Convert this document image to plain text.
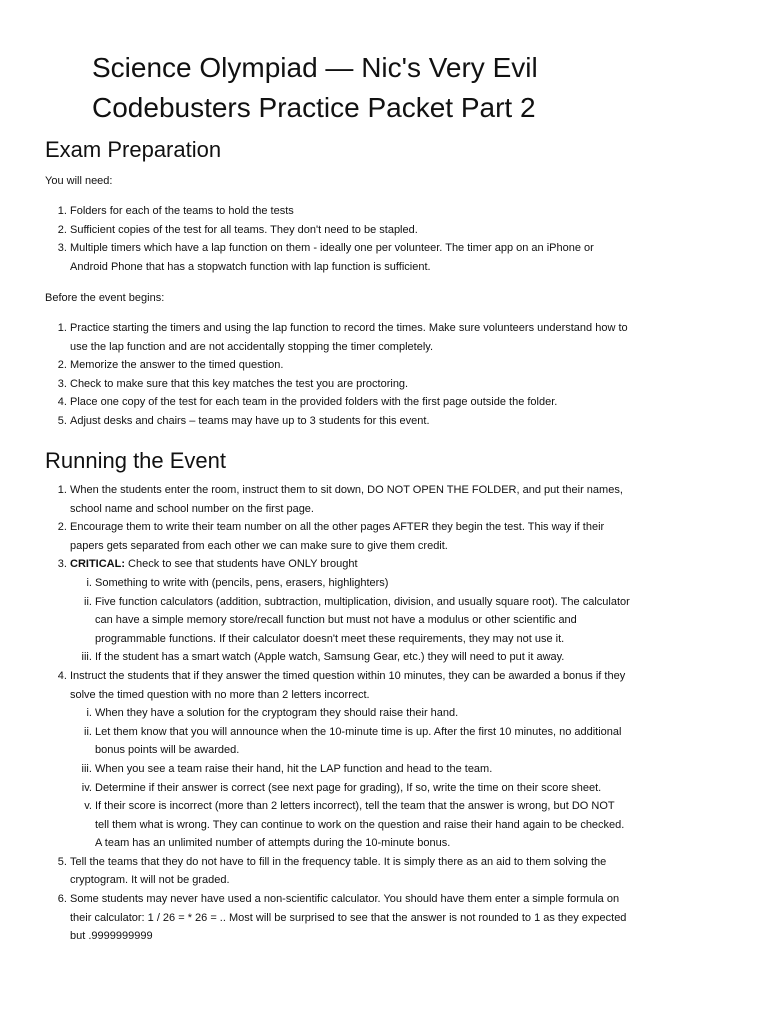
Science Olympiad — Nic's Very Evil
Codebusters Practice Packet Part 2
Exam Preparation

You will need:

1. Folders for each of the teams to hold the tests
2. Sufficient copies of the test for all teams. They don't need to be stapled.
3. Multiple timers which have a lap function on them - ideally one per volunteer. The timer app on an iPhone or Android Phone that has a stopwatch function with lap function is sufficient.

Before the event begins:

1. Practice starting the timers and using the lap function to record the times. Make sure volunteers understand how to use the lap function and are not accidentally stopping the timer completely.
2. Memorize the answer to the timed question.
3. Check to make sure that this key matches the test you are proctoring.
4. Place one copy of the test for each team in the provided folders with the first page outside the folder.
5. Adjust desks and chairs – teams may have up to 3 students for this event.
Running the Event
1. When the students enter the room, instruct them to sit down, DO NOT OPEN THE FOLDER, and put their names, school name and school number on the first page.
2. Encourage them to write their team number on all the other pages AFTER they begin the test. This way if their papers gets separated from each other we can make sure to give them credit.
3. CRITICAL: Check to see that students have ONLY brought
i. Something to write with (pencils, pens, erasers, highlighters)
ii. Five function calculators (addition, subtraction, multiplication, division, and usually square root). The calculator can have a simple memory store/recall function but must not have a modulus or other scientific and programmable functions. If their calculator doesn't meet these requirements, they may not use it.
iii. If the student has a smart watch (Apple watch, Samsung Gear, etc.) they will need to put it away.
4. Instruct the students that if they answer the timed question within 10 minutes, they can be awarded a bonus if they solve the timed question with no more than 2 letters incorrect.
i. When they have a solution for the cryptogram they should raise their hand.
ii. Let them know that you will announce when the 10-minute time is up. After the first 10 minutes, no additional bonus points will be awarded.
iii. When you see a team raise their hand, hit the LAP function and head to the team.
iv. Determine if their answer is correct (see next page for grading), If so, write the time on their score sheet.
v. If their score is incorrect (more than 2 letters incorrect), tell the team that the answer is wrong, but DO NOT tell them what is wrong. They can continue to work on the question and raise their hand again to be checked. A team has an unlimited number of attempts during the 10-minute bonus.
5. Tell the teams that they do not have to fill in the frequency table. It is simply there as an aid to them solving the cryptogram. It will not be graded.
6. Some students may never have used a non-scientific calculator. You should have them enter a simple formula on their calculator: 1 / 26 = * 26 = .. Most will be surprised to see that the answer is not rounded to 1 as they expected but .9999999999
